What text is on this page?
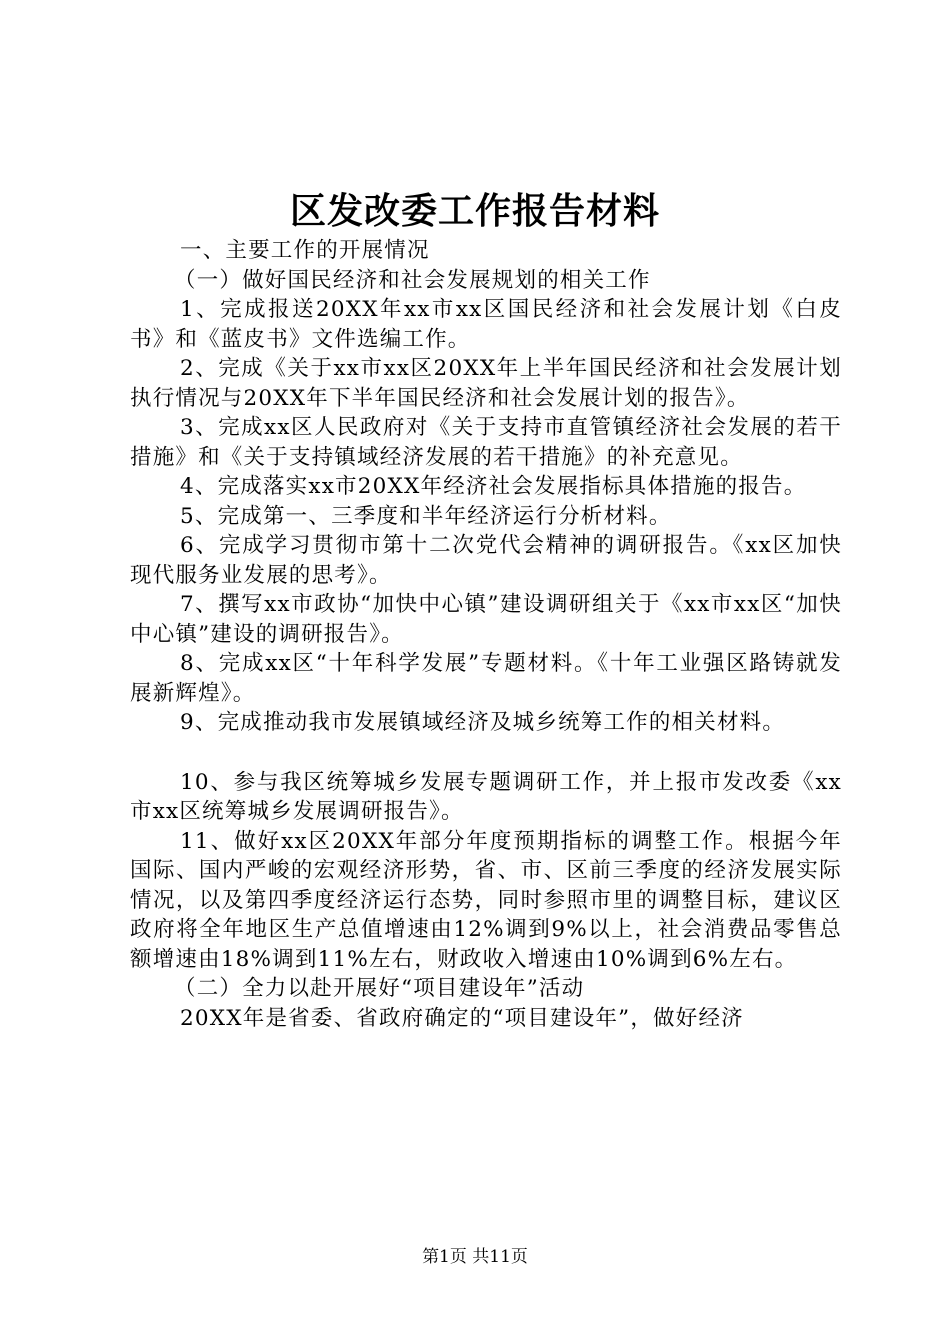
区发改委工作报告材料

一、主要工作的开展情况

（一）做好国民经济和社会发展规划的相关工作

1、完成报送20XX年xx市xx区国民经济和社会发展计划《白皮书》和《蓝皮书》文件选编工作。

2、完成《关于xx市xx区20XX年上半年国民经济和社会发展计划执行情况与20XX年下半年国民经济和社会发展计划的报告》。

3、完成xx区人民政府对《关于支持市直管镇经济社会发展的若干措施》和《关于支持镇域经济发展的若干措施》的补充意见。

4、完成落实xx市20XX年经济社会发展指标具体措施的报告。

5、完成第一、三季度和半年经济运行分析材料。

6、完成学习贯彻市第十二次党代会精神的调研报告。《xx区加快现代服务业发展的思考》。

7、撰写xx市政协“加快中心镇”建设调研组关于《xx市xx区“加快中心镇”建设的调研报告》。

8、完成xx区“十年科学发展”专题材料。《十年工业强区路铸就发展新辉煌》。

9、完成推动我市发展镇域经济及城乡统筹工作的相关材料。

10、参与我区统筹城乡发展专题调研工作，并上报市发改委《xx市xx区统筹城乡发展调研报告》。

11、做好xx区20XX年部分年度预期指标的调整工作。根据今年国际、国内严峻的宏观经济形势，省、市、区前三季度的经济发展实际情况，以及第四季度经济运行态势，同时参照市里的调整目标，建议区政府将全年地区生产总值增速由12%调到9%以上，社会消费品零售总额增速由18%调到11%左右，财政收入增速由10%调到6%左右。

（二）全力以赴开展好“项目建设年”活动

20XX年是省委、省政府确定的“项目建设年”，做好经济

第1页 共11页
